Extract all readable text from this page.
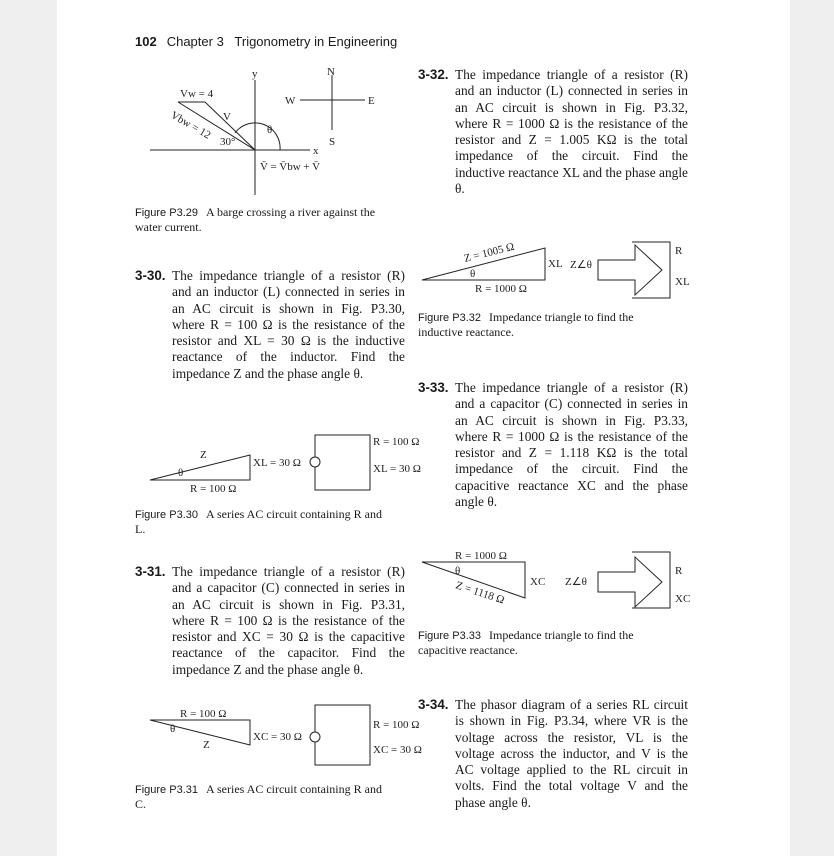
102 Chapter 3 Trigonometry in Engineering
y
x
N
S
E
W
Vw = 4
V
Vbw = 12
30°
θ
V̄ = V̄bw + V̄
Figure P3.29 A barge crossing a river against the water current.
3-30. The impedance triangle of a resistor (R) and an inductor (L) connected in series in an AC circuit is shown in Fig. P3.30, where R = 100 Ω is the resistance of the resistor and XL = 30 Ω is the inductive reactance of the inductor. Find the impedance Z and the phase angle θ.
Z
θ
R = 100 Ω
XL = 30 Ω
R = 100 Ω
XL = 30 Ω
Figure P3.30 A series AC circuit containing R and L.
3-31. The impedance triangle of a resistor (R) and a capacitor (C) connected in series in an AC circuit is shown in Fig. P3.31, where R = 100 Ω is the resistance of the resistor and XC = 30 Ω is the capacitive reactance of the capacitor. Find the impedance Z and the phase angle θ.
R = 100 Ω
θ
Z
XC = 30 Ω
R = 100 Ω
XC = 30 Ω
Figure P3.31 A series AC circuit containing R and C.
3-32. The impedance triangle of a resistor (R) and an inductor (L) connected in series in an AC circuit is shown in Fig. P3.32, where R = 1000 Ω is the resistance of the resistor and Z = 1.005 KΩ is the total impedance of the circuit. Find the inductive reactance XL and the phase angle θ.
Z = 1005 Ω
θ
R = 1000 Ω
XL Z∠θ
R
XL
Figure P3.32 Impedance triangle to find the inductive reactance.
3-33. The impedance triangle of a resistor (R) and a capacitor (C) connected in series in an AC circuit is shown in Fig. P3.33, where R = 1000 Ω is the resistance of the resistor and Z = 1.118 KΩ is the total impedance of the circuit. Find the capacitive reactance XC and the phase angle θ.
R = 1000 Ω
θ
Z = 1118 Ω XC Z∠θ
R
XC
Figure P3.33 Impedance triangle to find the capacitive reactance.
3-34. The phasor diagram of a series RL circuit is shown in Fig. P3.34, where VR is the voltage across the resistor, VL is the voltage across the inductor, and V is the AC voltage applied to the RL circuit in volts. Find the total voltage V and the phase angle θ.
